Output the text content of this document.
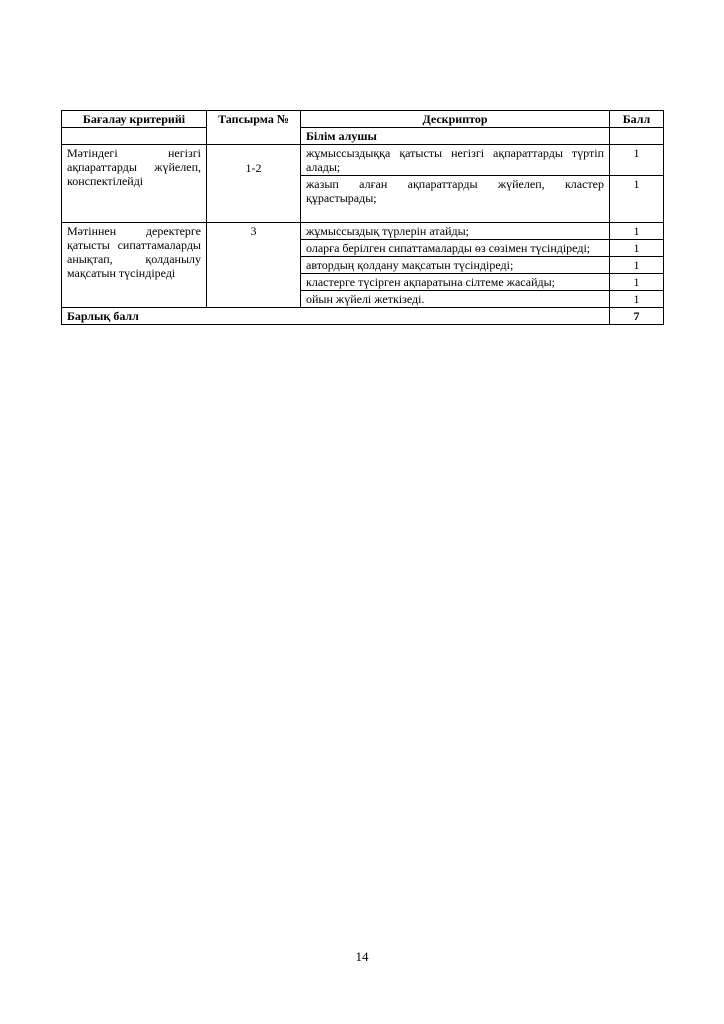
Бағалау критерийі	Тапсырма №	Дескриптор	Балл
		Білім алушы	
Мәтіндегі негізгі ақпараттарды жүйелеп, конспектілейді	1-2	жұмыссыздыққа қатысты негізгі ақпараттарды түртіп алады;	1
		жазып алған ақпараттарды жүйелеп, кластер құрастырады;	1
Мәтіннен деректерге қатысты сипаттамаларды анықтап, қолданылу мақсатын түсіндіреді	3	жұмыссыздық түрлерін атайды;	1
		оларға берілген сипаттамаларды өз сөзімен түсіндіреді;	1
		автордың қолдану мақсатын түсіндіреді;	1
		кластерге түсірген ақпаратына сілтеме жасайды;	1
		ойын жүйелі жеткізеді.	1
Барлық балл			7
14
